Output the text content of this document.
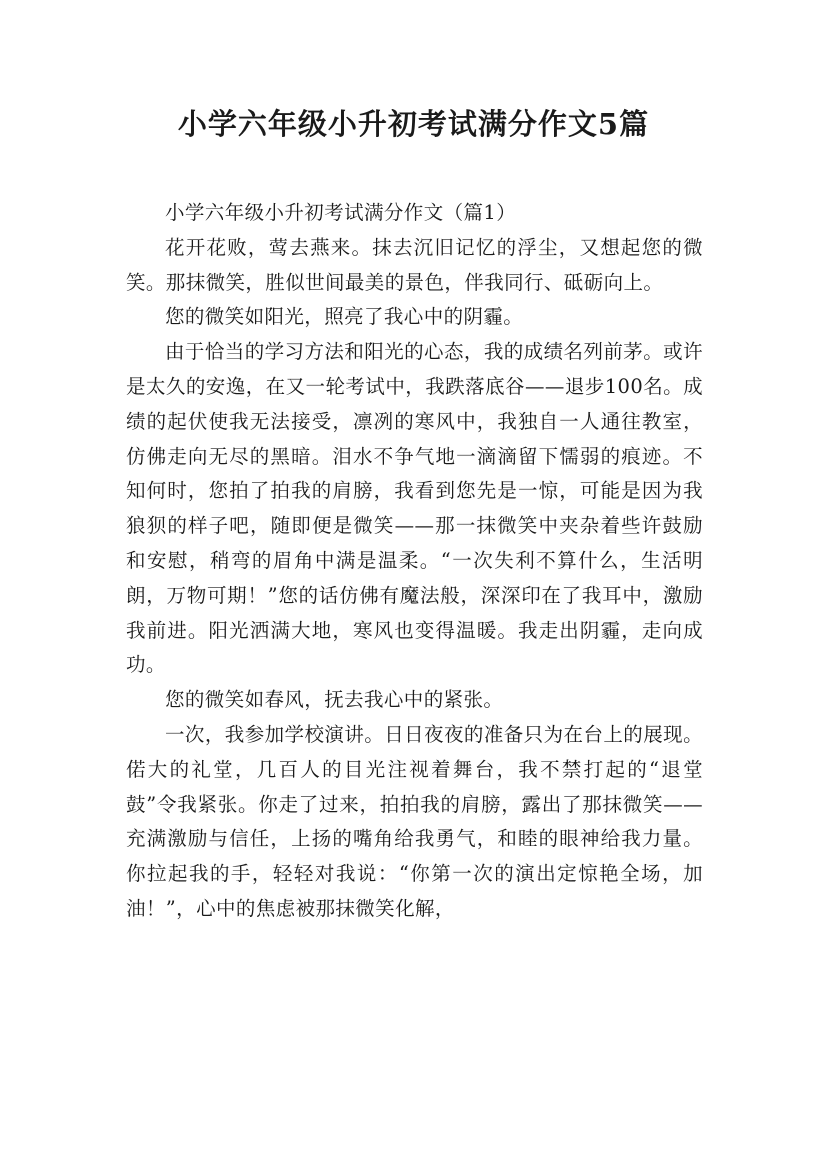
小学六年级小升初考试满分作文5篇

小学六年级小升初考试满分作文（篇1）

花开花败，莺去燕来。抹去沉旧记忆的浮尘，又想起您的微笑。那抹微笑，胜似世间最美的景色，伴我同行、砥砺向上。

您的微笑如阳光，照亮了我心中的阴霾。

由于恰当的学习方法和阳光的心态，我的成绩名列前茅。或许是太久的安逸，在又一轮考试中，我跌落底谷——退步100名。成绩的起伏使我无法接受，凛冽的寒风中，我独自一人通往教室，仿佛走向无尽的黑暗。泪水不争气地一滴滴留下懦弱的痕迹。不知何时，您拍了拍我的肩膀，我看到您先是一惊，可能是因为我狼狈的样子吧，随即便是微笑——那一抹微笑中夹杂着些许鼓励和安慰，稍弯的眉角中满是温柔。“一次失利不算什么，生活明朗，万物可期！”您的话仿佛有魔法般，深深印在了我耳中，激励我前进。阳光洒满大地，寒风也变得温暖。我走出阴霾，走向成功。

您的微笑如春风，抚去我心中的紧张。

一次，我参加学校演讲。日日夜夜的准备只为在台上的展现。偌大的礼堂，几百人的目光注视着舞台，我不禁打起的“退堂鼓”令我紧张。你走了过来，拍拍我的肩膀，露出了那抹微笑——充满激励与信任，上扬的嘴角给我勇气，和睦的眼神给我力量。你拉起我的手，轻轻对我说：“你第一次的演出定惊艳全场，加油！”，心中的焦虑被那抹微笑化解，
